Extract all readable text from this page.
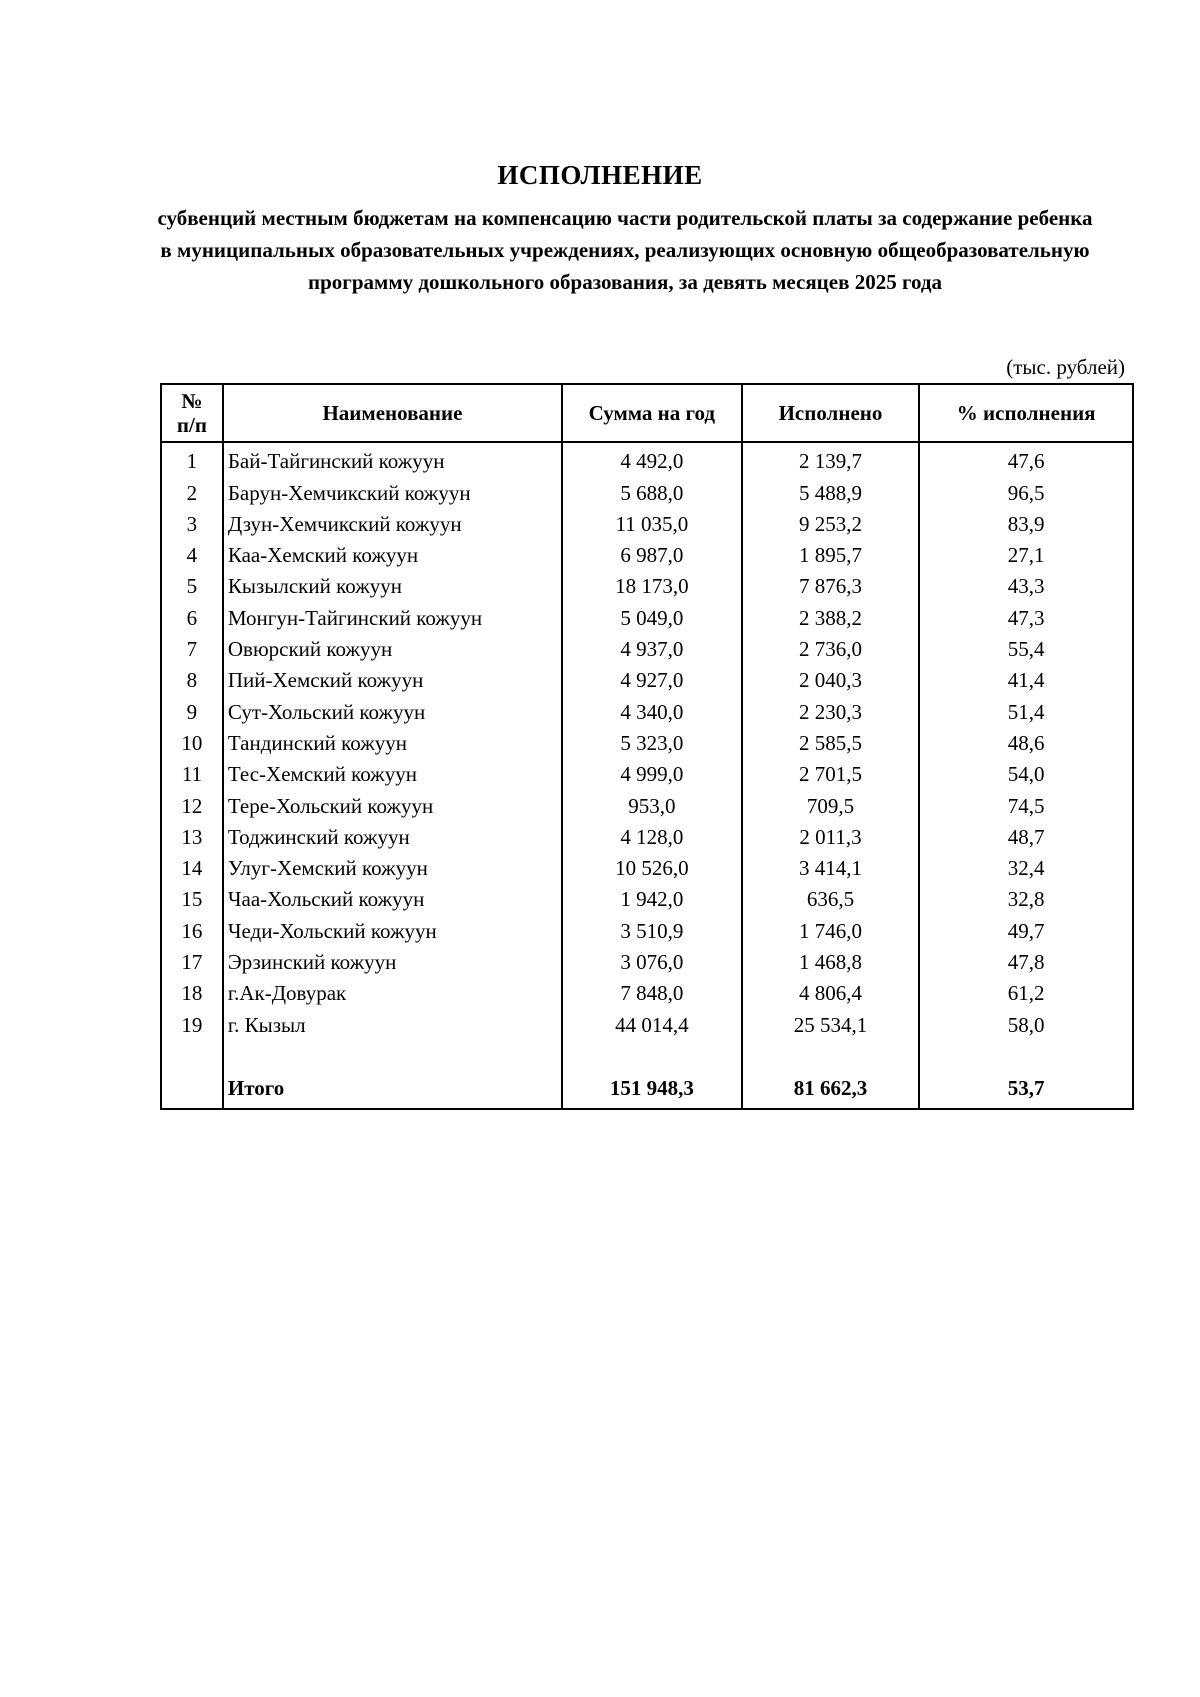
ИСПОЛНЕНИЕ

субвенций местным бюджетам на компенсацию части родительской платы за содержание ребенка в муниципальных образовательных учреждениях, реализующих основную общеобразовательную программу дошкольного образования, за девять месяцев 2025 года

(тыс. рублей)
№
п/п	Наименование	Сумма на год	Исполнено	% исполнения
1	Бай-Тайгинский кожуун	4 492,0	2 139,7	47,6
2	Барун-Хемчикский кожуун	5 688,0	5 488,9	96,5
3	Дзун-Хемчикский кожуун	11 035,0	9 253,2	83,9
4	Каа-Хемский кожуун	6 987,0	1 895,7	27,1
5	Кызылский кожуун	18 173,0	7 876,3	43,3
6	Монгун-Тайгинский кожуун	5 049,0	2 388,2	47,3
7	Овюрский кожуун	4 937,0	2 736,0	55,4
8	Пий-Хемский кожуун	4 927,0	2 040,3	41,4
9	Сут-Хольский кожуун	4 340,0	2 230,3	51,4
10	Тандинский кожуун	5 323,0	2 585,5	48,6
11	Тес-Хемский кожуун	4 999,0	2 701,5	54,0
12	Тере-Хольский кожуун	953,0	709,5	74,5
13	Тоджинский кожуун	4 128,0	2 011,3	48,7
14	Улуг-Хемский кожуун	10 526,0	3 414,1	32,4
15	Чаа-Хольский кожуун	1 942,0	636,5	32,8
16	Чеди-Хольский кожуун	3 510,9	1 746,0	49,7
17	Эрзинский кожуун	3 076,0	1 468,8	47,8
18	г.Ак-Довурак	7 848,0	4 806,4	61,2
19	г. Кызыл	44 014,4	25 534,1	58,0

	Итого	151 948,3	81 662,3	53,7
